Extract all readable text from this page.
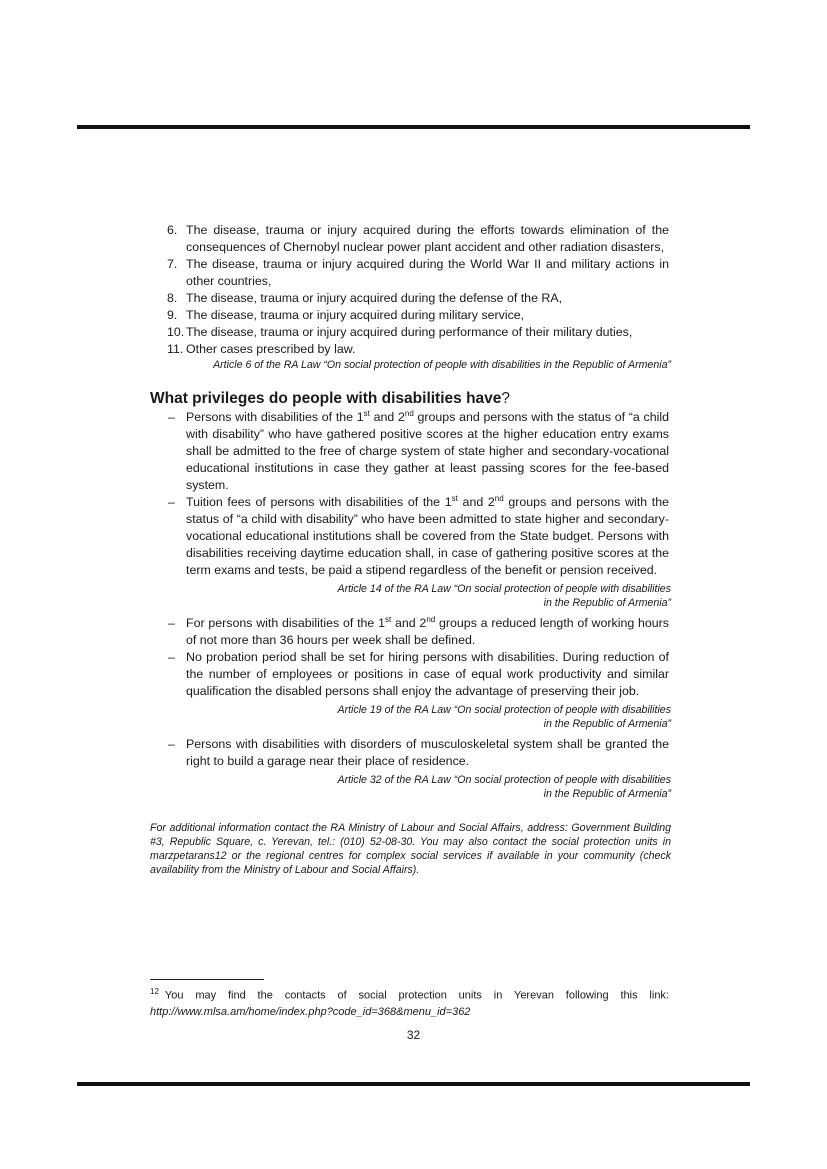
6. The disease, trauma or injury acquired during the efforts towards elimination of the consequences of Chernobyl nuclear power plant accident and other radiation disasters,
7. The disease, trauma or injury acquired during the World War II and military actions in other countries,
8. The disease, trauma or injury acquired during the defense of the RA,
9. The disease, trauma or injury acquired during military service,
10. The disease, trauma or injury acquired during performance of their military duties,
11. Other cases prescribed by law.

Article 6 of the RA Law “On social protection of people with disabilities in the Republic of Armenia”

What privileges do people with disabilities have?
– Persons with disabilities of the 1st and 2nd groups and persons with the status of “a child with disability” who have gathered positive scores at the higher education entry exams shall be admitted to the free of charge system of state higher and secondary-vocational educational institutions in case they gather at least passing scores for the fee-based system.
– Tuition fees of persons with disabilities of the 1st and 2nd groups and persons with the status of “a child with disability” who have been admitted to state higher and secondary-vocational educational institutions shall be covered from the State budget. Persons with disabilities receiving daytime education shall, in case of gathering positive scores at the term exams and tests, be paid a stipend regardless of the benefit or pension received.
Article 14 of the RA Law “On social protection of people with disabilities
in the Republic of Armenia”
– For persons with disabilities of the 1st and 2nd groups a reduced length of working hours of not more than 36 hours per week shall be defined.
– No probation period shall be set for hiring persons with disabilities. During reduction of the number of employees or positions in case of equal work productivity and similar qualification the disabled persons shall enjoy the advantage of preserving their job.
Article 19 of the RA Law “On social protection of people with disabilities
in the Republic of Armenia”
– Persons with disabilities with disorders of musculoskeletal system shall be granted the right to build a garage near their place of residence.
Article 32 of the RA Law “On social protection of people with disabilities
in the Republic of Armenia”

For additional information contact the RA Ministry of Labour and Social Affairs, address: Government Building #3, Republic Square, c. Yerevan, tel.: (010) 52-08-30. You may also contact the social protection units in marzpetarans12 or the regional centres for complex social services if available in your community (check availability from the Ministry of Labour and Social Affairs).

$^{12}$ You may find the contacts of social protection units in Yerevan following this link: http://www.mlsa.am/home/index.php?code_id=368&menu_id=362
32
